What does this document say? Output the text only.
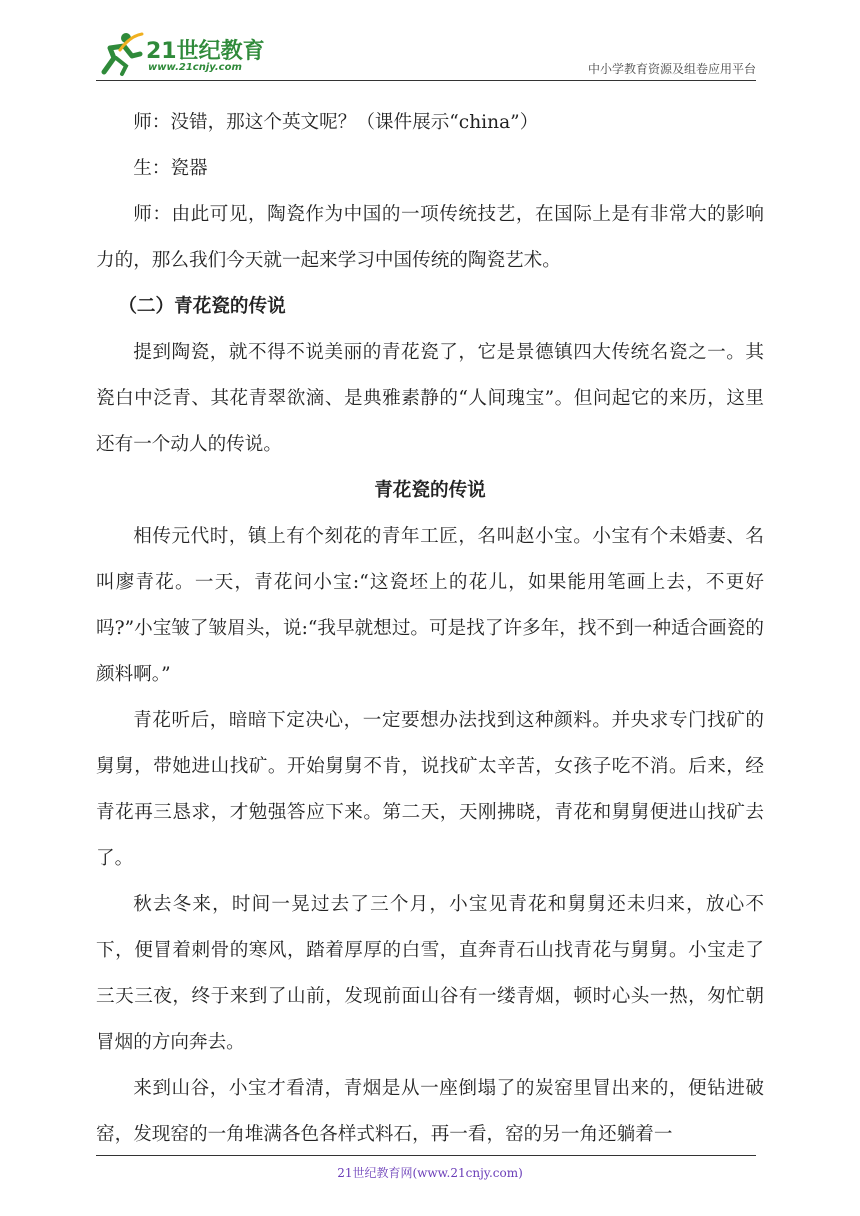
21世纪教育
www.21cnjy.com	中小学教育资源及组卷应用平台

师：没错，那这个英文呢？（课件展示“china”）

生：瓷器

师：由此可见，陶瓷作为中国的一项传统技艺，在国际上是有非常大的影响力的，那么我们今天就一起来学习中国传统的陶瓷艺术。

（二）青花瓷的传说

提到陶瓷，就不得不说美丽的青花瓷了，它是景德镇四大传统名瓷之一。其瓷白中泛青、其花青翠欲滴、是典雅素静的“人间瑰宝”。但问起它的来历，这里还有一个动人的传说。

青花瓷的传说

相传元代时，镇上有个刻花的青年工匠，名叫赵小宝。小宝有个未婚妻、名叫廖青花。一天，青花问小宝:“这瓷坯上的花儿，如果能用笔画上去，不更好吗?”小宝皱了皱眉头，说:“我早就想过。可是找了许多年，找不到一种适合画瓷的颜料啊。”

青花听后，暗暗下定决心，一定要想办法找到这种颜料。并央求专门找矿的舅舅，带她进山找矿。开始舅舅不肯，说找矿太辛苦，女孩子吃不消。后来，经青花再三恳求，才勉强答应下来。第二天，天刚拂晓，青花和舅舅便进山找矿去了。

秋去冬来，时间一晃过去了三个月，小宝见青花和舅舅还未归来，放心不下，便冒着刺骨的寒风，踏着厚厚的白雪，直奔青石山找青花与舅舅。小宝走了三天三夜，终于来到了山前，发现前面山谷有一缕青烟，顿时心头一热，匆忙朝冒烟的方向奔去。

来到山谷，小宝才看清，青烟是从一座倒塌了的炭窑里冒出来的，便钻进破窑，发现窑的一角堆满各色各样式料石，再一看，窑的另一角还躺着一

21世纪教育网(www.21cnjy.com)
